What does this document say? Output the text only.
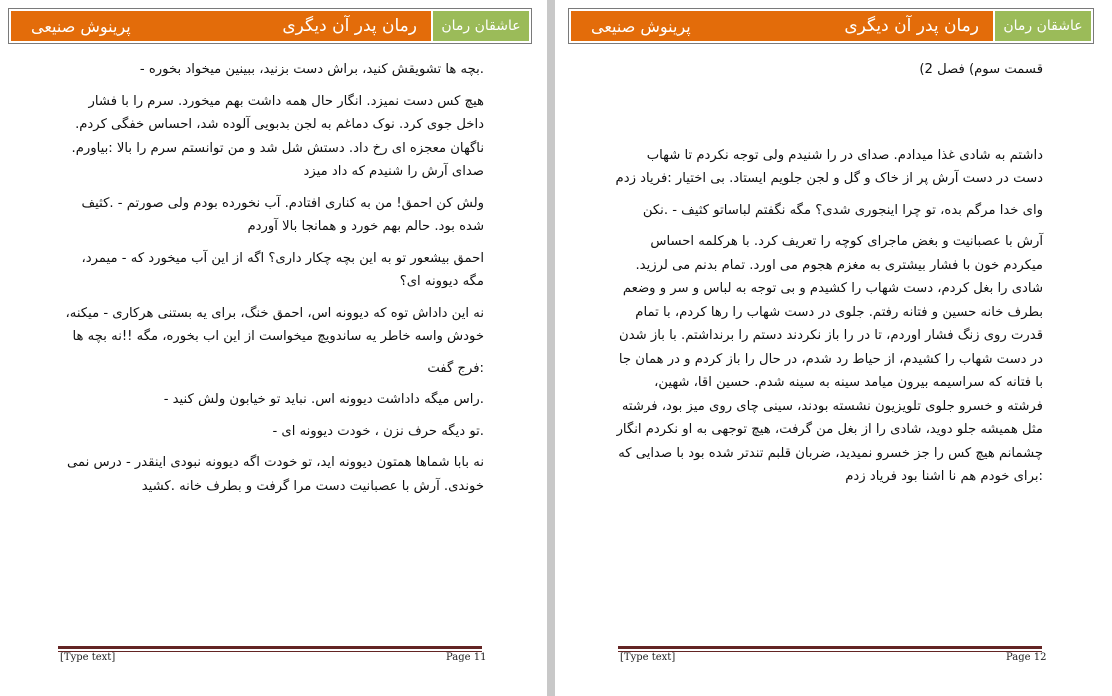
پرینوش صنیعی	رمان پدر آن دیگری عاشقان رمان

.بچه ها تشویقش کنید، براش دست بزنید، ببینین میخواد بخوره -

هیچ کس دست نمیزد. انگار حال همه داشت بهم میخورد. سرم را با فشار داخل جوی کرد. نوک دماغم به لجن بدبویی آلوده شد، احساس خفگی کردم. ناگهان معجزه ای رخ داد. دستش شل شد و من توانستم سرم را بالا :بیاورم. صدای آرش را شنیدم که داد میزد

ولش کن احمق! من به کناری افتادم. آب نخورده بودم ولی صورتم - .کثیف شده بود. حالم بهم خورد و همانجا بالا آوردم

احمق بیشعور تو به این بچه چکار داری؟ اگه از این آب میخورد که - میمرد، مگه دیوونه ای؟

نه این داداش توه که دیوونه اس، احمق خنگ، برای یه بستنی هرکاری - میکنه، خودش واسه خاطر یه ساندویچ میخواست از این اب بخوره، مگه !!نه بچه ها

:فرج گفت

.راس میگه داداشت دیوونه اس. نباید تو خیابون ولش کنید -

.تو دیگه حرف نزن ، خودت دیوونه ای -

نه بابا شماها همتون دیوونه اید، تو خودت اگه دیوونه نبودی اینقدر - درس نمی خوندی. آرش با عصبانیت دست مرا گرفت و بطرف خانه .کشید

[Type text]	Page 11
پرینوش صنیعی	رمان پدر آن دیگری عاشقان رمان

قسمت سوم) فصل 2)

داشتم به شادی غذا میدادم. صدای در را شنیدم ولی توجه نکردم تا شهاب دست در دست آرش پر از خاک و گل و لجن جلویم ایستاد. بی اختیار :فریاد زدم

وای خدا مرگم بده، تو چرا اینجوری شدی؟ مگه نگفتم لباساتو کثیف - .نکن

آرش با عصبانیت و بغض ماجرای کوچه را تعریف کرد. با هرکلمه احساس میکردم خون با فشار بیشتری به مغزم هجوم می اورد. تمام بدنم می لرزید. شادی را بغل کردم، دست شهاب را کشیدم و بی توجه به لباس و سر و وضعم بطرف خانه حسین و فتانه رفتم. جلوی در دست شهاب را رها کردم، با تمام قدرت روی زنگ فشار اوردم، تا در را باز نکردند دستم را برنداشتم. با باز شدن در دست شهاب را کشیدم، از حیاط رد شدم، در حال را باز کردم و در همان جا با فتانه که سراسیمه بیرون میامد سینه به سینه شدم. حسین اقا، شهین، فرشته و خسرو جلوی تلویزیون نشسته بودند، سینی چای روی میز بود، فرشته مثل همیشه جلو دوید، شادی را از بغل من گرفت، هیچ توجهی به او نکردم انگار چشمانم هیچ کس را جز خسرو نمیدید، ضربان قلبم تندتر شده بود با صدایی که :برای خودم هم نا اشنا بود فریاد زدم

[Type text]	Page 12
